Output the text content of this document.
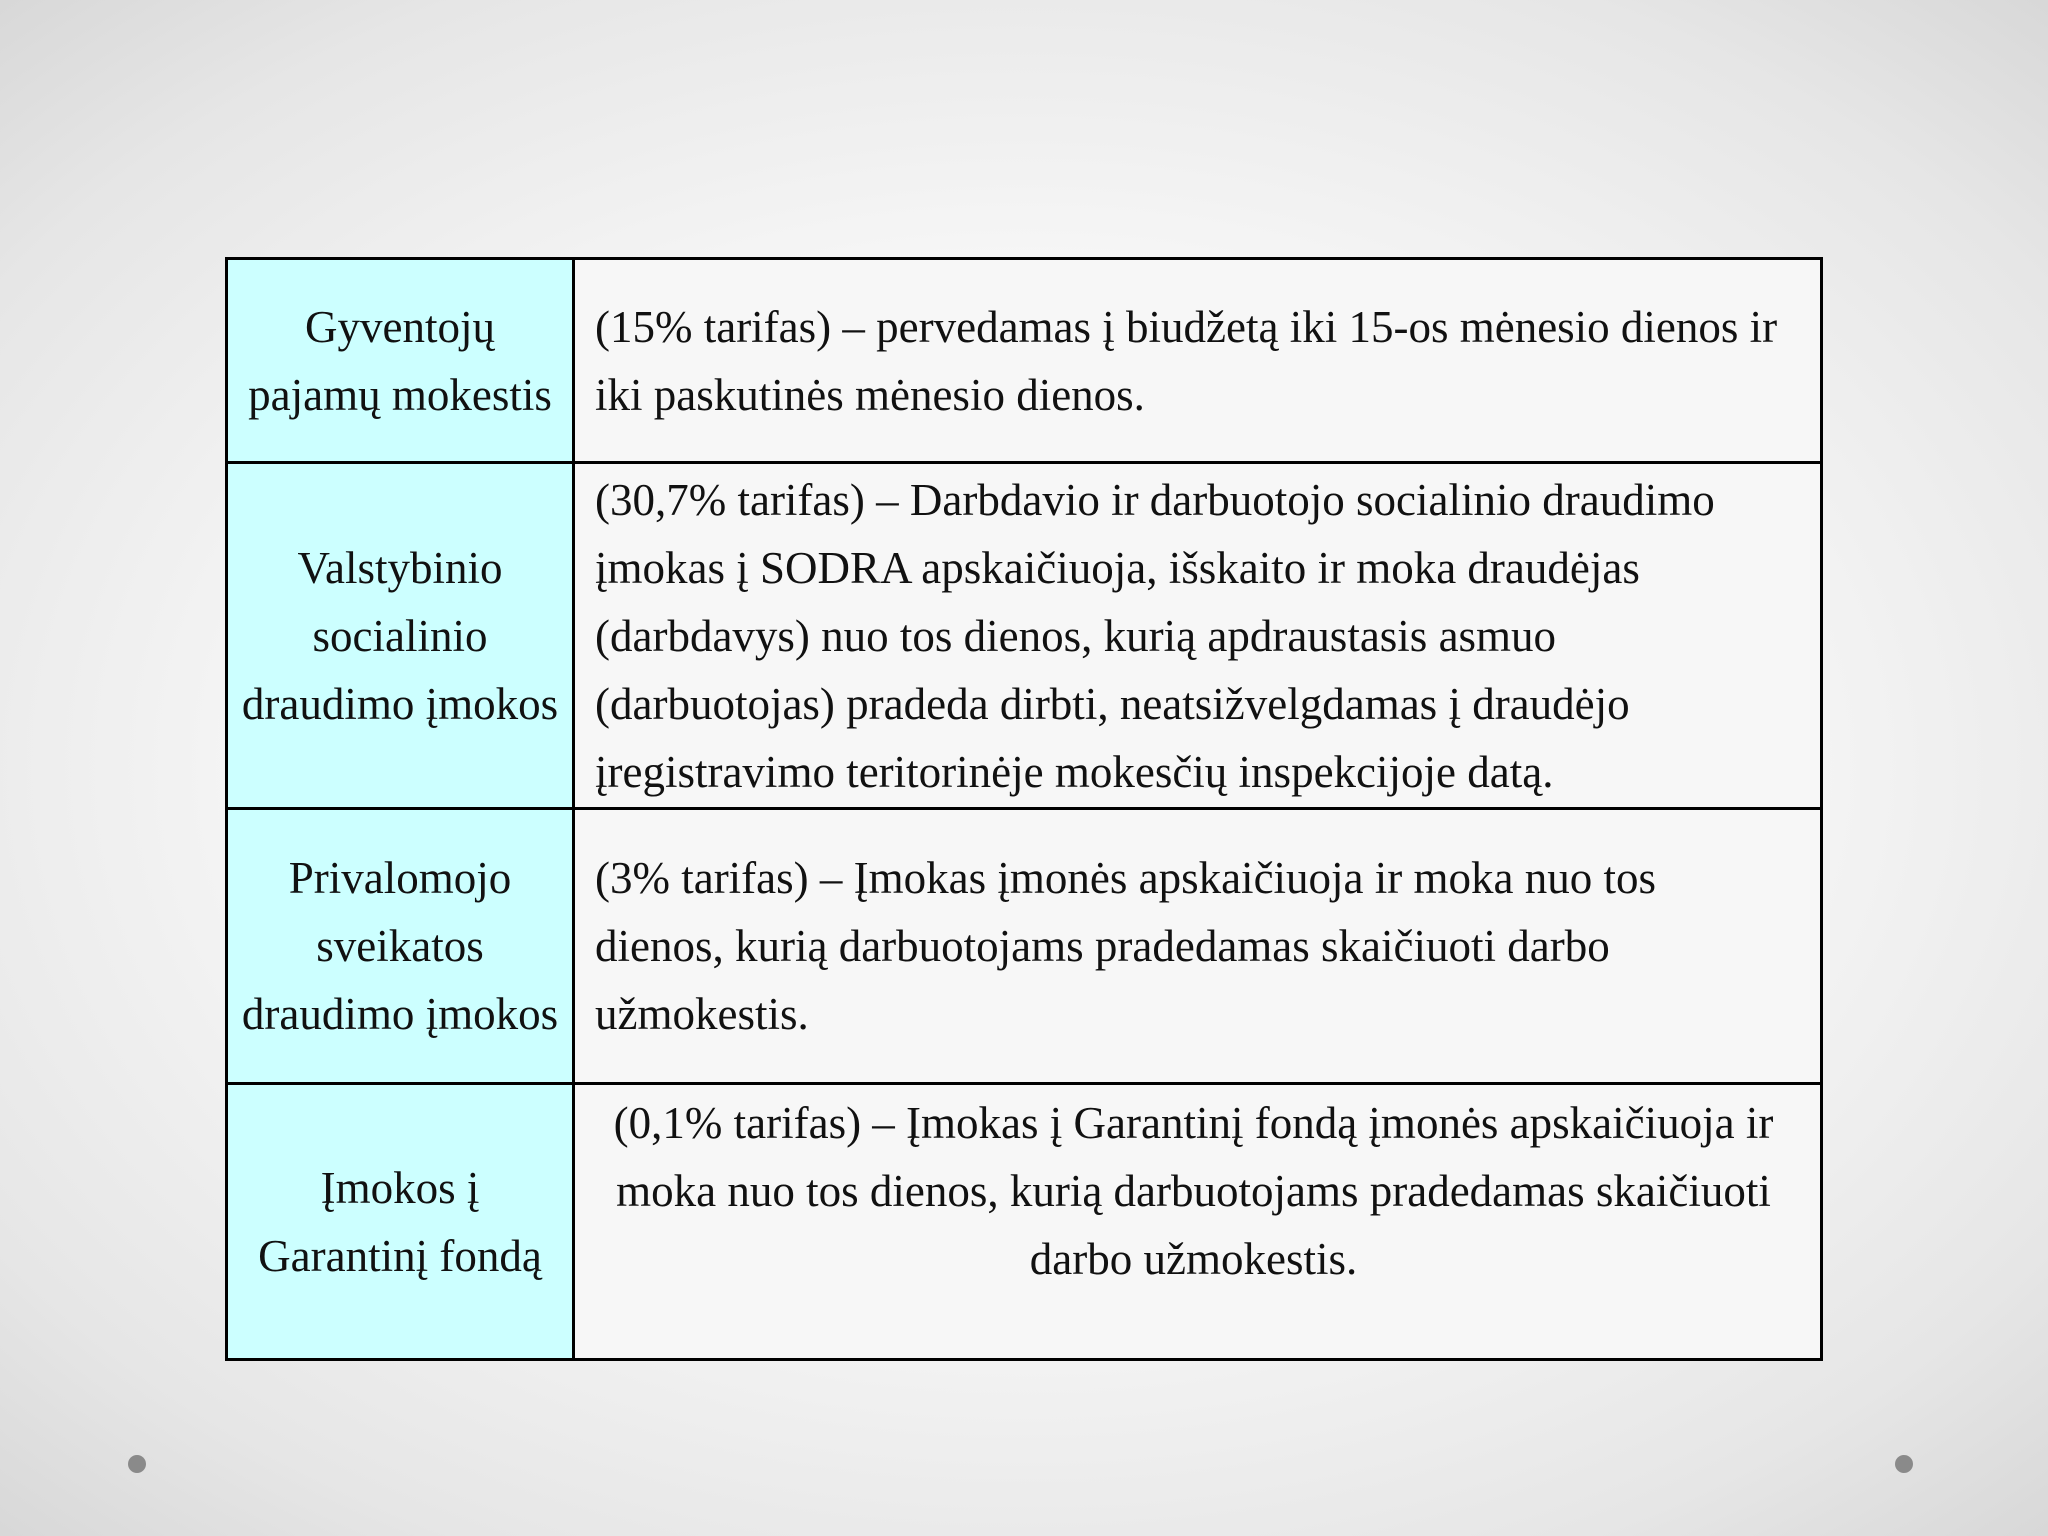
Gyventojų pajamų mokestis	(15% tarifas) – pervedamas į biudžetą iki 15-os mėnesio dienos ir iki paskutinės mėnesio dienos.

Valstybinio socialinio draudimo įmokos	(30,7% tarifas) – Darbdavio ir darbuotojo socialinio draudimo įmokas į SODRA apskaičiuoja, išskaito ir moka draudėjas (darbdavys) nuo tos dienos, kurią apdraustasis asmuo (darbuotojas) pradeda dirbti, neatsižvelgdamas į draudėjo įregistravimo teritorinėje mokesčių inspekcijoje datą.

Privalomojo sveikatos draudimo įmokos	(3% tarifas) – Įmokas įmonės apskaičiuoja ir moka nuo tos dienos, kurią darbuotojams pradedamas skaičiuoti darbo užmokestis.

Įmokos į Garantinį fondą	(0,1% tarifas) – Įmokas į Garantinį fondą įmonės apskaičiuoja ir moka nuo tos dienos, kurią darbuotojams pradedamas skaičiuoti darbo užmokestis.
